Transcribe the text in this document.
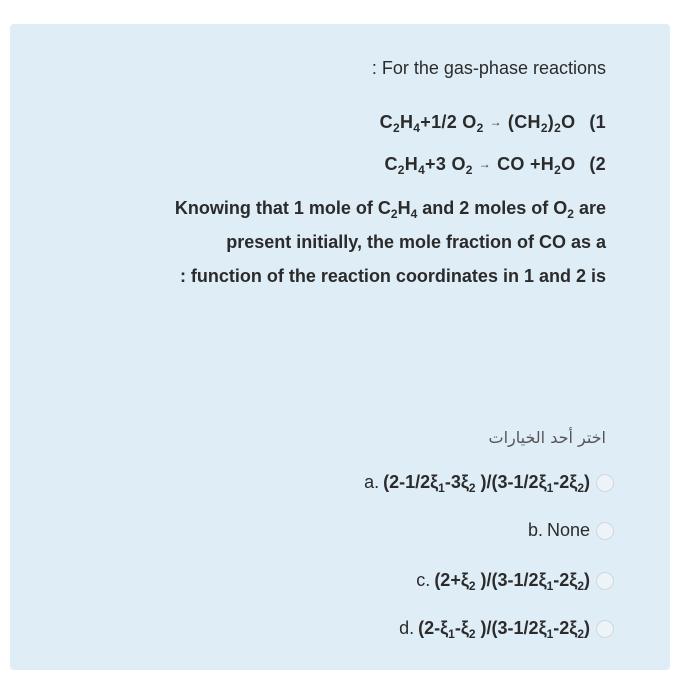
: For the gas-phase reactions
$C_2H_4+1/2$ $O_2 \to (CH_2)_2O$ (1
$C_2H_4+3$ $O_2$ → CO $+H_2O$ (2
Knowing that 1 mole of $C_2H_4$ and 2 moles of $O_2$ are
present initially, the mole fraction of CO as a
: function of the reaction coordinates in 1 and 2 is
اختر أحد الخيارات
a. ($2-1/2\xi_1-3\xi_2$ )$/(3-1/2\xi_1-2\xi_2)$
b. None
c. ($2+\xi_2$ )$/(3-1/2\xi_1-2\xi_2)$
d. ($2-\xi_1-\xi_2$ )$/(3-1/2\xi_1-2\xi_2)$
